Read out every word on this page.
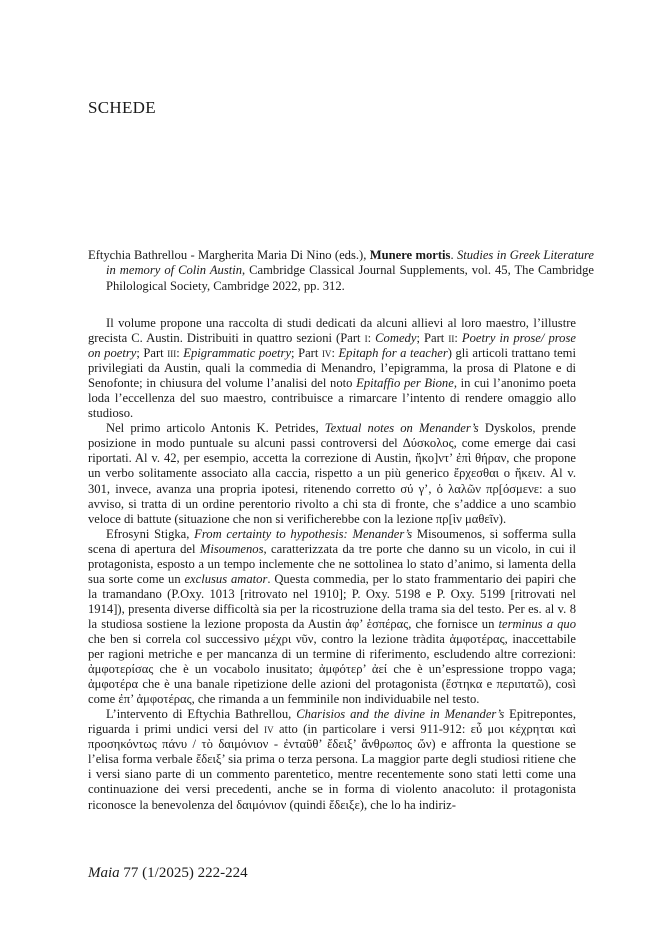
SCHEDE
Eftychia Bathrellou - Margherita Maria Di Nino (eds.), Munere mortis. Studies in Greek Literature in memory of Colin Austin, Cambridge Classical Journal Supplements, vol. 45, The Cambridge Philological Society, Cambridge 2022, pp. 312.

Il volume propone una raccolta di studi dedicati da alcuni allievi al loro maestro, l’illustre grecista C. Austin. Distribuiti in quattro sezioni (Part i: Comedy; Part ii: Poetry in prose/ prose on poetry; Part iii: Epigrammatic poetry; Part iv: Epitaph for a teacher) gli articoli trattano temi privilegiati da Austin, quali la commedia di Menandro, l’epigramma, la prosa di Platone e di Senofonte; in chiusura del volume l’analisi del noto Epitaffio per Bione, in cui l’anonimo poeta loda l’eccellenza del suo maestro, contribuisce a rimarcare l’intento di rendere omaggio allo studioso.

Nel primo articolo Antonis K. Petrides, Textual notes on Menander’s Dyskolos, prende posizione in modo puntuale su alcuni passi controversi del Δύσκολος, come emerge dai casi riportati. Al v. 42, per esempio, accetta la correzione di Austin, ἥκο]ντ’ ἐπὶ θήραν, che propone un verbo solitamente associato alla caccia, rispetto a un più generico ἔρχεσθαι o ἥκειν. Al v. 301, invece, avanza una propria ipotesi, ritenendo corretto σύ γ’, ὁ λαλῶν πρ[όσμενε: a suo avviso, si tratta di un ordine perentorio rivolto a chi sta di fronte, che s’addice a uno scambio veloce di battute (situazione che non si verificherebbe con la lezione πρ[ὶν μαθεῖν).

Efrosyni Stigka, From certainty to hypothesis: Menander’s Misoumenos, si sofferma sulla scena di apertura del Misoumenos, caratterizzata da tre porte che danno su un vicolo, in cui il protagonista, esposto a un tempo inclemente che ne sottolinea lo stato d’animo, si lamenta della sua sorte come un exclusus amator. Questa commedia, per lo stato frammentario dei papiri che la tramandano (P.Oxy. 1013 [ritrovato nel 1910]; P. Oxy. 5198 e P. Oxy. 5199 [ritrovati nel 1914]), presenta diverse difficoltà sia per la ricostruzione della trama sia del testo. Per es. al v. 8 la studiosa sostiene la lezione proposta da Austin ἀφ’ ἑσπέρας, che fornisce un terminus a quo che ben si correla col successivo μέχρι νῦν, contro la lezione tràdita ἀμφοτέρας, inaccettabile per ragioni metriche e per mancanza di un termine di riferimento, escludendo altre correzioni: ἀμφοτερίσας che è un vocabolo inusitato; ἀμφότερ’ ἀεί che è un’espressione troppo vaga; ἀμφοτέρα che è una banale ripetizione delle azioni del protagonista (ἕστηκα e περιπατῶ), così come ἐπ’ ἀμφοτέρας, che rimanda a un femminile non individuabile nel testo.

L’intervento di Eftychia Bathrellou, Charisios and the divine in Menander’s Epitrepontes, riguarda i primi undici versi del iv atto (in particolare i versi 911-912: εὖ μοι κέχρηται καὶ προσηκόντως πάνυ / τὸ δαιμόνιον - ἐνταῦθ’ ἔδειξ’ ἄνθρωπος ὤν) e affronta la questione se l’elisa forma verbale ἔδειξ’ sia prima o terza persona. La maggior parte degli studiosi ritiene che i versi siano parte di un commento parentetico, mentre recentemente sono stati letti come una continuazione dei versi precedenti, anche se in forma di violento anacoluto: il protagonista riconosce la benevolenza del δαιμόνιον (quindi ἔδειξε), che lo ha indiriz-

Maia 77 (1/2025) 222-224
